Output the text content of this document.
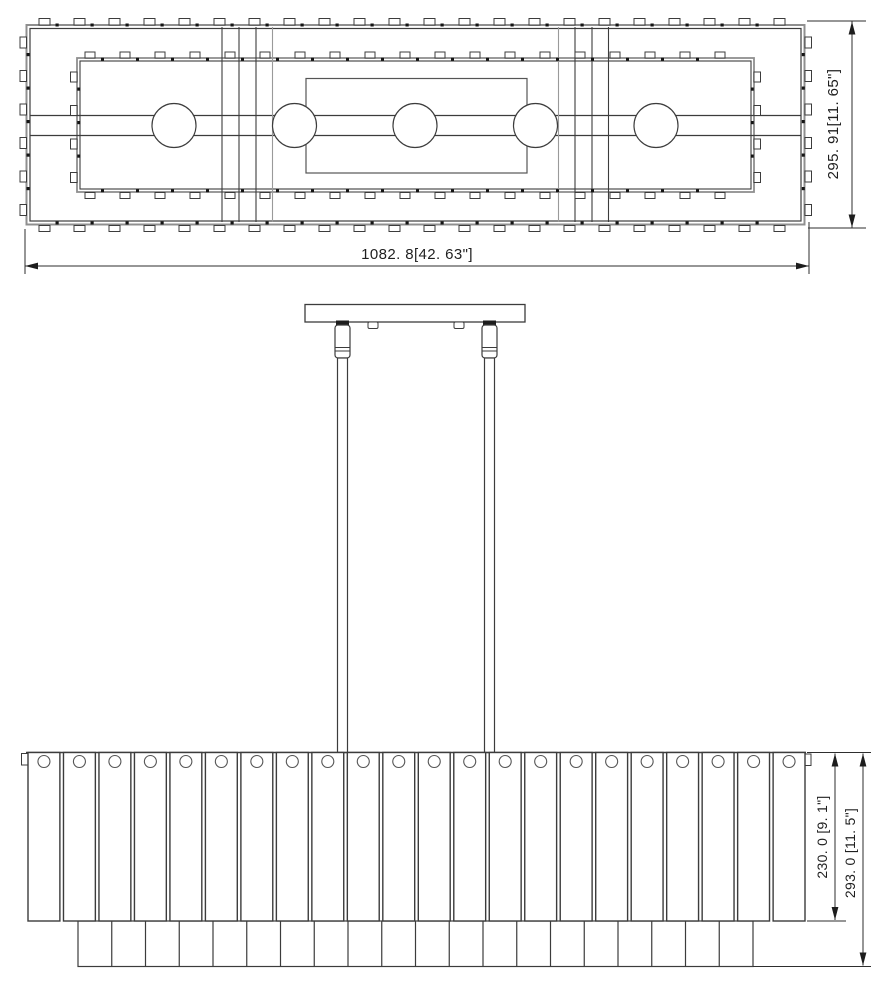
1082. 8[42. 63"]
295. 91[11. 65"]
230. 0 [9. 1"] 293. 0 [11. 5"]
